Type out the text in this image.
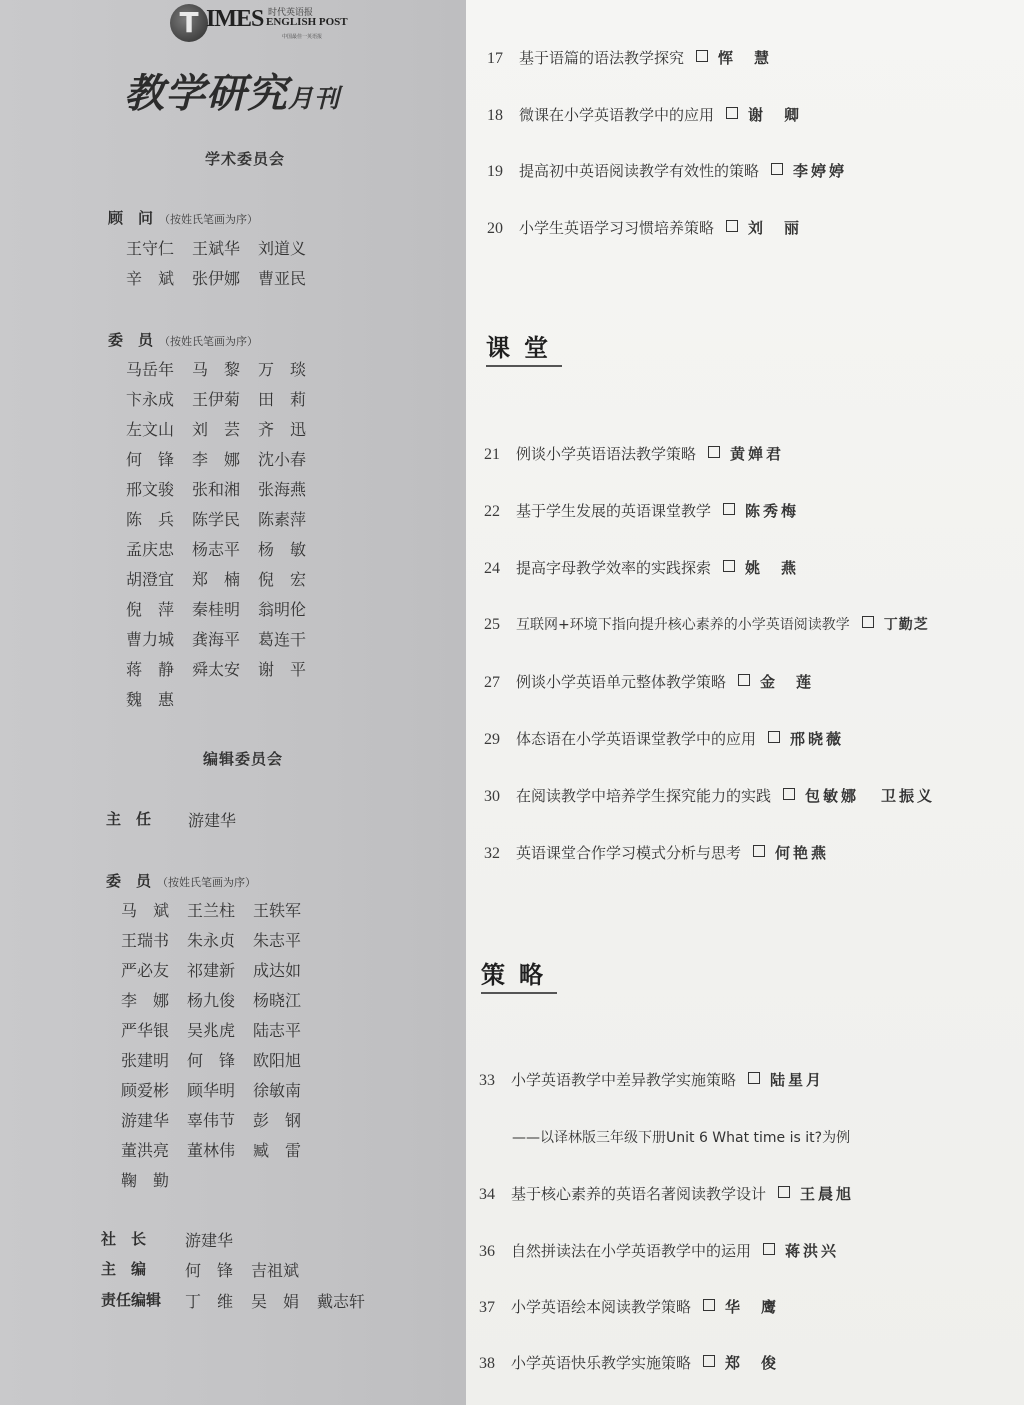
T IMES 时代英语报
ENGLISH POST
中国最佳一英语报
教学研究月刊
学术委员会
顾　问 （按姓氏笔画为序）
王守仁 王斌华 刘道义
辛　斌 张伊娜 曹亚民
委　员 （按姓氏笔画为序）
马岳年 马　黎 万　琰
卞永成 王伊菊 田　莉
左文山 刘　芸 齐　迅
何　锋 李　娜 沈小春
邢文骏 张和湘 张海燕
陈　兵 陈学民 陈素萍
孟庆忠 杨志平 杨　敏
胡澄宜 郑　楠 倪　宏
倪　萍 秦桂明 翁明伦
曹力城 龚海平 葛连干
蒋　静 舜太安 谢　平
魏　惠
编辑委员会
主　任 游建华
委　员 （按姓氏笔画为序）
马　斌 王兰柱 王轶军
王瑞书 朱永贞 朱志平
严必友 祁建新 成达如
李　娜 杨九俊 杨晓江
严华银 吴兆虎 陆志平
张建明 何　锋 欧阳旭
顾爱彬 顾华明 徐敏南
游建华 辜伟节 彭　钢
董洪亮 董林伟 臧　雷
鞠　勤
社　长 游建华
主　编 何　锋 吉祖斌
责任编辑 丁　维 吴　娟 戴志轩
17 基于语篇的语法教学探究 恽　慧
18 微课在小学英语教学中的应用 谢　卿
19 提高初中英语阅读教学有效性的策略 李婷婷
20 小学生英语学习习惯培养策略 刘　丽
课堂
21 例谈小学英语语法教学策略 黄婵君
22 基于学生发展的英语课堂教学 陈秀梅
24 提高字母教学效率的实践探索 姚　燕
25 互联网+环境下指向提升核心素养的小学英语阅读教学 丁勤芝
27 例谈小学英语单元整体教学策略 金　莲
29 体态语在小学英语课堂教学中的应用 邢晓薇
30 在阅读教学中培养学生探究能力的实践 包敏娜 卫振义
32 英语课堂合作学习模式分析与思考 何艳燕
策略
33 小学英语教学中差异教学实施策略 陆星月
——以译林版三年级下册Unit 6 What time is it?为例
34 基于核心素养的英语名著阅读教学设计 王晨旭
36 自然拼读法在小学英语教学中的运用 蒋洪兴
37 小学英语绘本阅读教学策略 华　鹰
38 小学英语快乐教学实施策略 郑　俊
